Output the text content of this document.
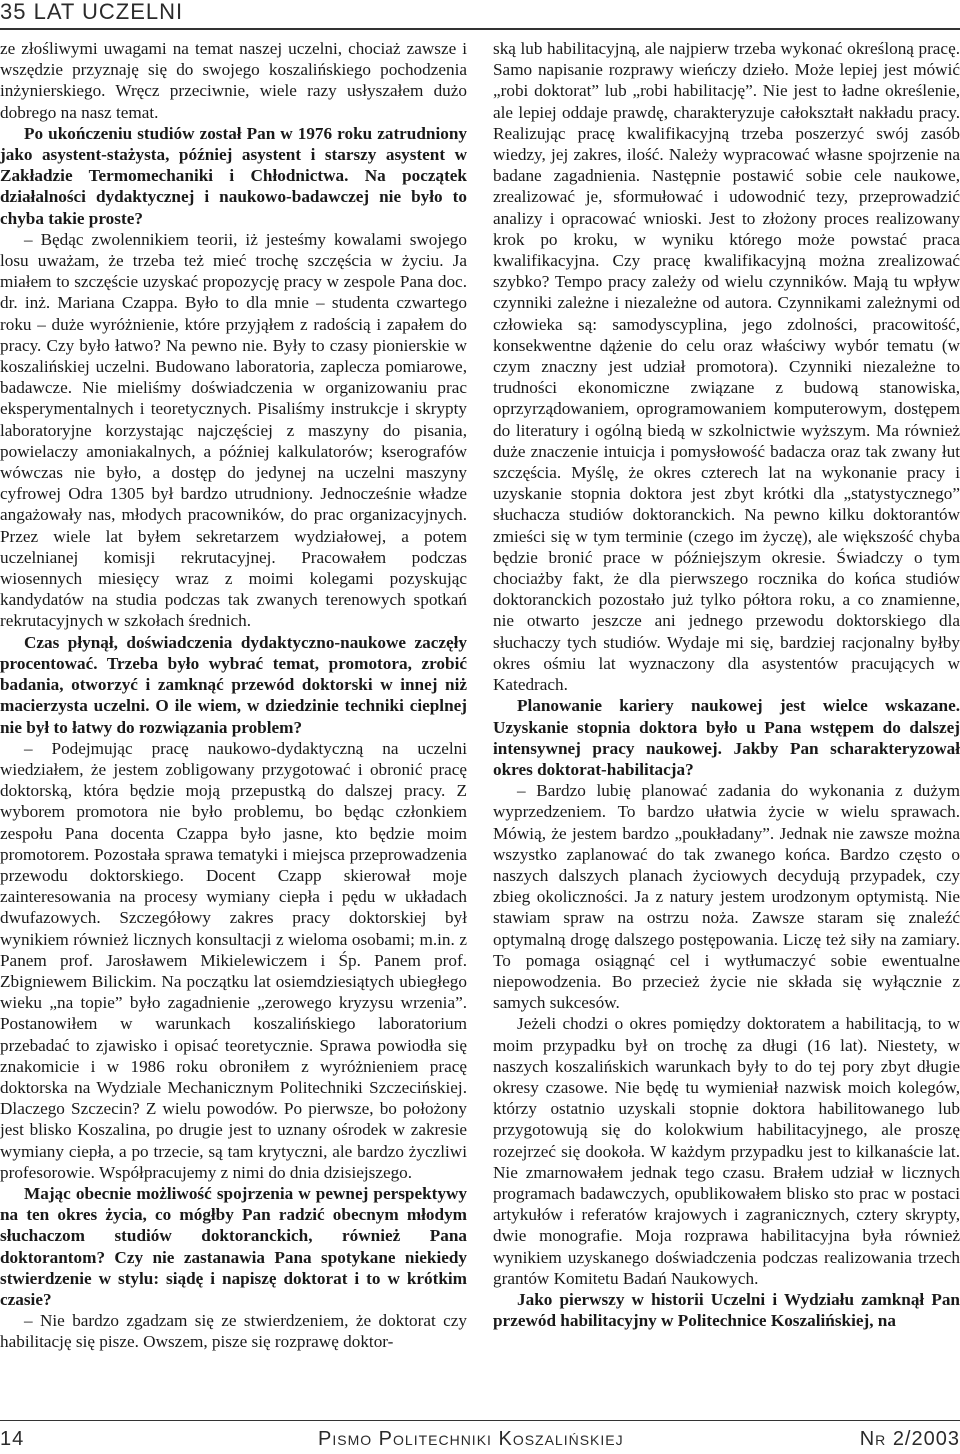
35 LAT UCZELNI

ze złośliwymi uwagami na temat naszej uczelni, chociaż zawsze i wszędzie przyznaję się do swojego koszalińskiego pochodzenia inżynierskiego. Wręcz przeciwnie, wiele razy usłyszałem dużo dobrego na nasz temat.

Po ukończeniu studiów został Pan w 1976 roku zatrudniony jako asystent-stażysta, później asystent i starszy asystent w Zakładzie Termomechaniki i Chłodnictwa. Na początek działalności dydaktycznej i naukowo-badawczej nie było to chyba takie proste?

– Będąc zwolennikiem teorii, iż jesteśmy kowalami swojego losu uważam, że trzeba też mieć trochę szczęścia w życiu. Ja miałem to szczęście uzyskać propozycję pracy w zespole Pana doc. dr. inż. Mariana Czappa. Było to dla mnie – studenta czwartego roku – duże wyróżnienie, które przyjąłem z radością i zapałem do pracy. Czy było łatwo? Na pewno nie. Były to czasy pionierskie w koszalińskiej uczelni. Budowano laboratoria, zaplecza pomiarowe, badawcze. Nie mieliśmy doświadczenia w organizowaniu prac eksperymentalnych i teoretycznych. Pisaliśmy instrukcje i skrypty laboratoryjne korzystając najczęściej z maszyny do pisania, powielaczy amoniakalnych, a później kalkulatorów; kserografów wówczas nie było, a dostęp do jedynej na uczelni maszyny cyfrowej Odra 1305 był bardzo utrudniony. Jednocześnie władze angażowały nas, młodych pracowników, do prac organizacyjnych. Przez wiele lat byłem sekretarzem wydziałowej, a potem uczelnianej komisji rekrutacyjnej. Pracowałem podczas wiosennych miesięcy wraz z moimi kolegami pozyskując kandydatów na studia podczas tak zwanych terenowych spotkań rekrutacyjnych w szkołach średnich.

Czas płynął, doświadczenia dydaktyczno-naukowe zaczęły procentować. Trzeba było wybrać temat, promotora, zrobić badania, otworzyć i zamknąć przewód doktorski w innej niż macierzysta uczelni. O ile wiem, w dziedzinie techniki cieplnej nie był to łatwy do rozwiązania problem?

– Podejmując pracę naukowo-dydaktyczną na uczelni wiedziałem, że jestem zobligowany przygotować i obronić pracę doktorską, która będzie moją przepustką do dalszej pracy. Z wyborem promotora nie było problemu, bo będąc członkiem zespołu Pana docenta Czappa było jasne, kto będzie moim promotorem. Pozostała sprawa tematyki i miejsca przeprowadzenia przewodu doktorskiego. Docent Czapp skierował moje zainteresowania na procesy wymiany ciepła i pędu w układach dwufazowych. Szczegółowy zakres pracy doktorskiej był wynikiem również licznych konsultacji z wieloma osobami; m.in. z Panem prof. Jarosławem Mikielewiczem i Śp. Panem prof. Zbigniewem Bilickim. Na początku lat osiemdziesiątych ubiegłego wieku „na topie” było zagadnienie „zerowego kryzysu wrzenia”. Postanowiłem w warunkach koszalińskiego laboratorium przebadać to zjawisko i opisać teoretycznie. Sprawa powiodła się znakomicie i w 1986 roku obroniłem z wyróżnieniem pracę doktorska na Wydziale Mechanicznym Politechniki Szczecińskiej. Dlaczego Szczecin? Z wielu powodów. Po pierwsze, bo położony jest blisko Koszalina, po drugie jest to uznany ośrodek w zakresie wymiany ciepła, a po trzecie, są tam krytyczni, ale bardzo życzliwi profesorowie. Współpracujemy z nimi do dnia dzisiejszego.

Mając obecnie możliwość spojrzenia w pewnej perspektywy na ten okres życia, co mógłby Pan radzić obecnym młodym słuchaczom studiów doktoranckich, również Pana doktorantom? Czy nie zastanawia Pana spotykane niekiedy stwierdzenie w stylu: siądę i napiszę doktorat i to w krótkim czasie?

– Nie bardzo zgadzam się ze stwierdzeniem, że doktorat czy habilitację się pisze. Owszem, pisze się rozprawę doktor-

ską lub habilitacyjną, ale najpierw trzeba wykonać określoną pracę. Samo napisanie rozprawy wieńczy dzieło. Może lepiej jest mówić „robi doktorat” lub „robi habilitację”. Nie jest to ładne określenie, ale lepiej oddaje prawdę, charakteryzuje całokształt nakładu pracy. Realizując pracę kwalifikacyjną trzeba poszerzyć swój zasób wiedzy, jej zakres, ilość. Należy wypracować własne spojrzenie na badane zagadnienia. Następnie postawić sobie cele naukowe, zrealizować je, sformułować i udowodnić tezy, przeprowadzić analizy i opracować wnioski. Jest to złożony proces realizowany krok po kroku, w wyniku którego może powstać praca kwalifikacyjna. Czy pracę kwalifikacyjną można zrealizować szybko? Tempo pracy zależy od wielu czynników. Mają tu wpływ czynniki zależne i niezależne od autora. Czynnikami zależnymi od człowieka są: samodyscyplina, jego zdolności, pracowitość, konsekwentne dążenie do celu oraz właściwy wybór tematu (w czym znaczny jest udział promotora). Czynniki niezależne to trudności ekonomiczne związane z budową stanowiska, oprzyrządowaniem, oprogramowaniem komputerowym, dostępem do literatury i ogólną biedą w szkolnictwie wyższym. Ma również duże znaczenie intuicja i pomysłowość badacza oraz tak zwany łut szczęścia. Myślę, że okres czterech lat na wykonanie pracy i uzyskanie stopnia doktora jest zbyt krótki dla „statystycznego” słuchacza studiów doktoranckich. Na pewno kilku doktorantów zmieści się w tym terminie (czego im życzę), ale większość chyba będzie bronić prace w późniejszym okresie. Świadczy o tym chociażby fakt, że dla pierwszego rocznika do końca studiów doktoranckich pozostało już tylko półtora roku, a co znamienne, nie otwarto jeszcze ani jednego przewodu doktorskiego dla słuchaczy tych studiów. Wydaje mi się, bardziej racjonalny byłby okres ośmiu lat wyznaczony dla asystentów pracujących w Katedrach.

Planowanie kariery naukowej jest wielce wskazane. Uzyskanie stopnia doktora było u Pana wstępem do dalszej intensywnej pracy naukowej. Jakby Pan scharakteryzował okres doktorat-habilitacja?

– Bardzo lubię planować zadania do wykonania z dużym wyprzedzeniem. To bardzo ułatwia życie w wielu sprawach. Mówią, że jestem bardzo „poukładany”. Jednak nie zawsze można wszystko zaplanować do tak zwanego końca. Bardzo często o naszych dalszych planach życiowych decydują przypadek, czy zbieg okoliczności. Ja z natury jestem urodzonym optymistą. Nie stawiam spraw na ostrzu noża. Zawsze staram się znaleźć optymalną drogę dalszego postępowania. Liczę też siły na zamiary. To pomaga osiągnąć cel i wytłumaczyć sobie ewentualne niepowodzenia. Bo przecież życie nie składa się wyłącznie z samych sukcesów.

Jeżeli chodzi o okres pomiędzy doktoratem a habilitacją, to w moim przypadku był on trochę za długi (16 lat). Niestety, w naszych koszalińskich warunkach były to do tej pory zbyt długie okresy czasowe. Nie będę tu wymieniał nazwisk moich kolegów, którzy ostatnio uzyskali stopnie doktora habilitowanego lub przygotowują się do kolokwium habilitacyjnego, ale proszę rozejrzeć się dookoła. W każdym przypadku jest to kilkanaście lat. Nie zmarnowałem jednak tego czasu. Brałem udział w licznych programach badawczych, opublikowałem blisko sto prac w postaci artykułów i referatów krajowych i zagranicznych, cztery skrypty, dwie monografie. Moja rozprawa habilitacyjna była również wynikiem uzyskanego doświadczenia podczas realizowania trzech grantów Komitetu Badań Naukowych.

Jako pierwszy w historii Uczelni i Wydziału zamknął Pan przewód habilitacyjny w Politechnice Koszalińskiej, na

14	Pismo Politechniki Koszalińskiej	Nr 2/2003
